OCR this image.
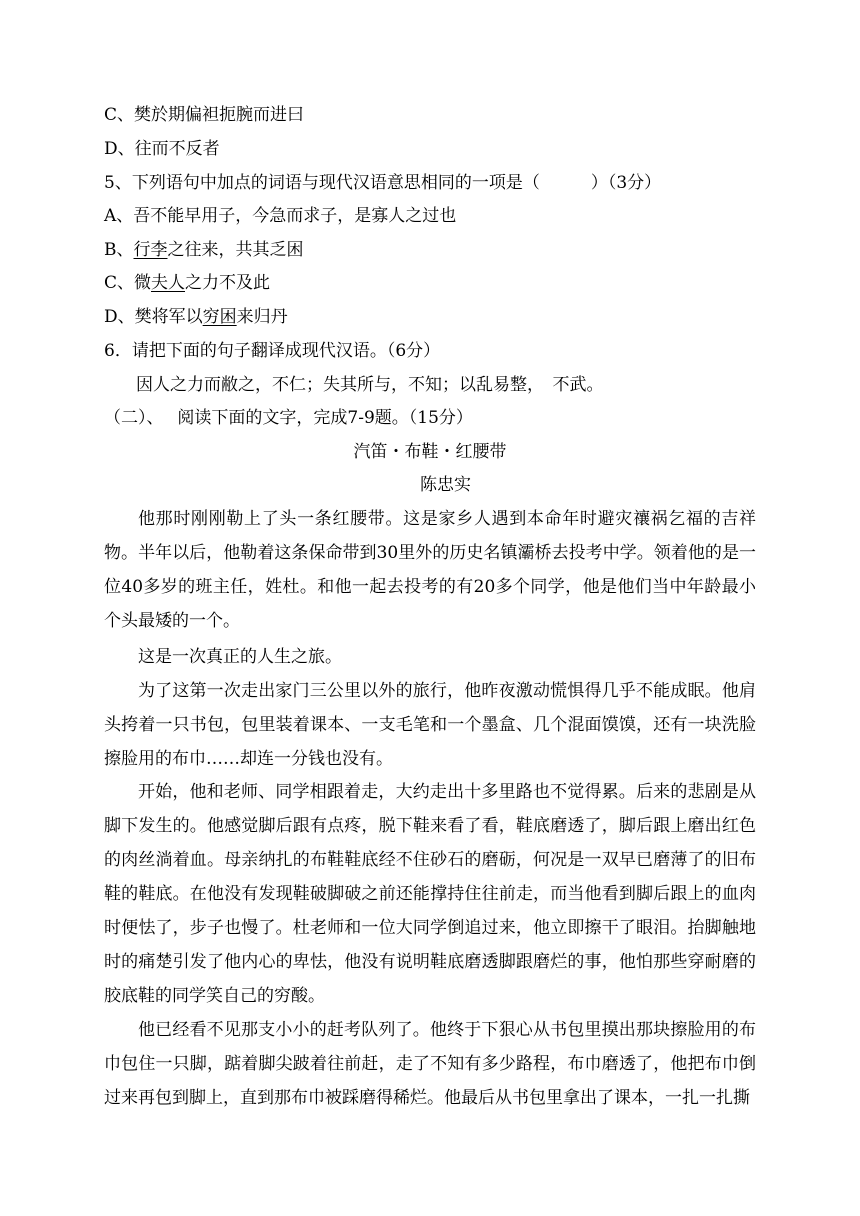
C、樊於期偏袒扼腕而进曰
D、往而不反者
5、下列语句中加点的词语与现代汉语意思相同的一项是（　　　）（3分）
A、吾不能早用子，今急而求子，是寡人之过也
B、行李之往来，共其乏困
C、微夫人之力不及此
D、樊将军以穷困来归丹
6．请把下面的句子翻译成现代汉语。（6分）
因人之力而敝之，不仁；失其所与，不知；以乱易整，　不武。
（二）、　 阅读下面的文字，完成7-9题。（15分）
汽笛・布鞋・红腰带
陈忠实
他那时刚刚勒上了头一条红腰带。这是家乡人遇到本命年时避灾禳祸乞福的吉祥物。半年以后，他勒着这条保命带到30里外的历史名镇灞桥去投考中学。领着他的是一位40多岁的班主任，姓杜。和他一起去投考的有20多个同学，他是他们当中年龄最小个头最矮的一个。
这是一次真正的人生之旅。
为了这第一次走出家门三公里以外的旅行，他昨夜激动慌惧得几乎不能成眠。他肩头挎着一只书包，包里装着课本、一支毛笔和一个墨盒、几个混面馍馍，还有一块洗脸擦脸用的布巾……却连一分钱也没有。
开始，他和老师、同学相跟着走，大约走出十多里路也不觉得累。后来的悲剧是从脚下发生的。他感觉脚后跟有点疼，脱下鞋来看了看，鞋底磨透了，脚后跟上磨出红色的肉丝淌着血。母亲纳扎的布鞋鞋底经不住砂石的磨砺，何况是一双早已磨薄了的旧布鞋的鞋底。在他没有发现鞋破脚破之前还能撑持住往前走，而当他看到脚后跟上的血肉时便怯了，步子也慢了。杜老师和一位大同学倒追过来，他立即擦干了眼泪。抬脚触地时的痛楚引发了他内心的卑怯，他没有说明鞋底磨透脚跟磨烂的事，他怕那些穿耐磨的胶底鞋的同学笑自己的穷酸。
他已经看不见那支小小的赶考队列了。他终于下狠心从书包里摸出那块擦脸用的布巾包住一只脚，踮着脚尖跛着往前赶，走了不知有多少路程，布巾磨透了，他把布巾倒过来再包到脚上，直到那布巾被踩磨得稀烂。他最后从书包里拿出了课本，一扎一扎撕
